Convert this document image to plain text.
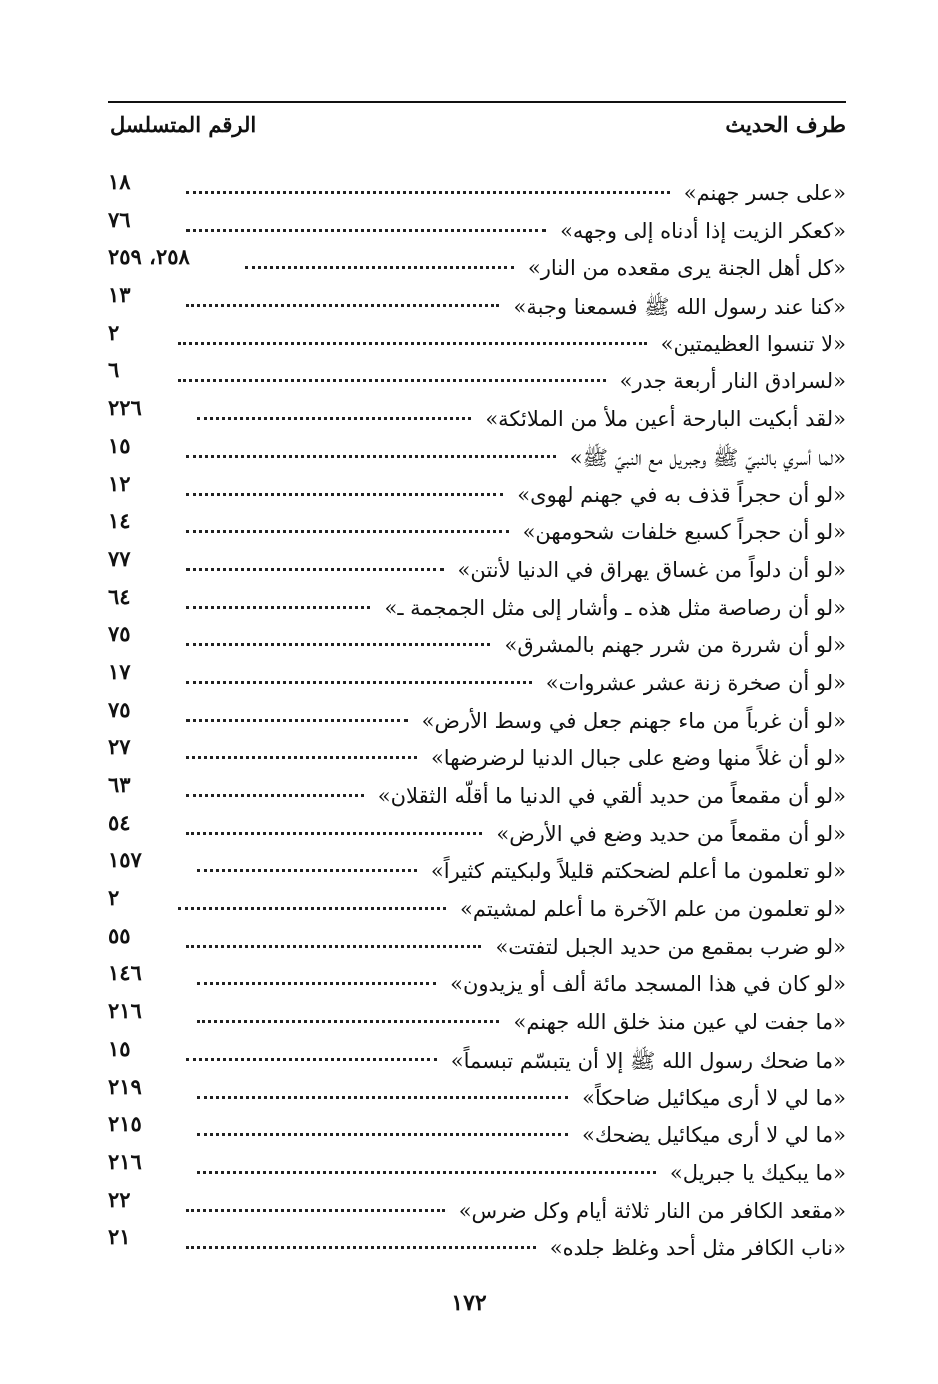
طرف الحديث
الرقم المتسلسل
١٨	«على جسر جهنم»
٧٦	«كعكر الزيت إذا أدناه إلى وجهه»
٢٥٨، ٢٥٩	«كل أهل الجنة يرى مقعده من النار»
١٣	«كنا عند رسول الله ﷺ فسمعنا وجبة»
٢	«لا تنسوا العظيمتين»
٦	«لسرادق النار أربعة جدر»
٢٢٦	«لقد أبكيت البارحة أعين ملأ من الملائكة»
١٥	«لما أسري بالنبيّ ﷺ وجبريل مع النبيّ ﷺ»
١٢	«لو أن حجراً قذف به في جهنم لهوى»
١٤	«لو أن حجراً كسبع خلفات شحومهن»
٧٧	«لو أن دلواً من غساق يهراق في الدنيا لأنتن»
٦٤	«لو أن رصاصة مثل هذه ـ وأشار إلى مثل الجمجمة ـ»
٧٥	«لو أن شررة من شرر جهنم بالمشرق»
١٧	«لو أن صخرة زنة عشر عشروات»
٧٥	«لو أن غرباً من ماء جهنم جعل في وسط الأرض»
٢٧	«لو أن غلاً منها وضع على جبال الدنيا لرضرضها»
٦٣	«لو أن مقمعاً من حديد ألقي في الدنيا ما أقلّه الثقلان»
٥٤	«لو أن مقمعاً من حديد وضع في الأرض»
١٥٧	«لو تعلمون ما أعلم لضحكتم قليلاً ولبكيتم كثيراً»
٢	«لو تعلمون من علم الآخرة ما أعلم لمشيتم»
٥٥	«لو ضرب بمقمع من حديد الجبل لتفتت»
١٤٦	«لو كان في هذا المسجد مائة ألف أو يزيدون»
٢١٦	«ما جفت لي عين منذ خلق الله جهنم»
١٥	«ما ضحك رسول الله ﷺ إلا أن يتبسّم تبسماً»
٢١٩	«ما لي لا أرى ميكائيل ضاحكاً»
٢١٥	«ما لي لا أرى ميكائيل يضحك»
٢١٦	«ما يبكيك يا جبريل»
٢٢	«مقعد الكافر من النار ثلاثة أيام وكل ضرس»
٢١	«ناب الكافر مثل أحد وغلظ جلده»
١٧٢
